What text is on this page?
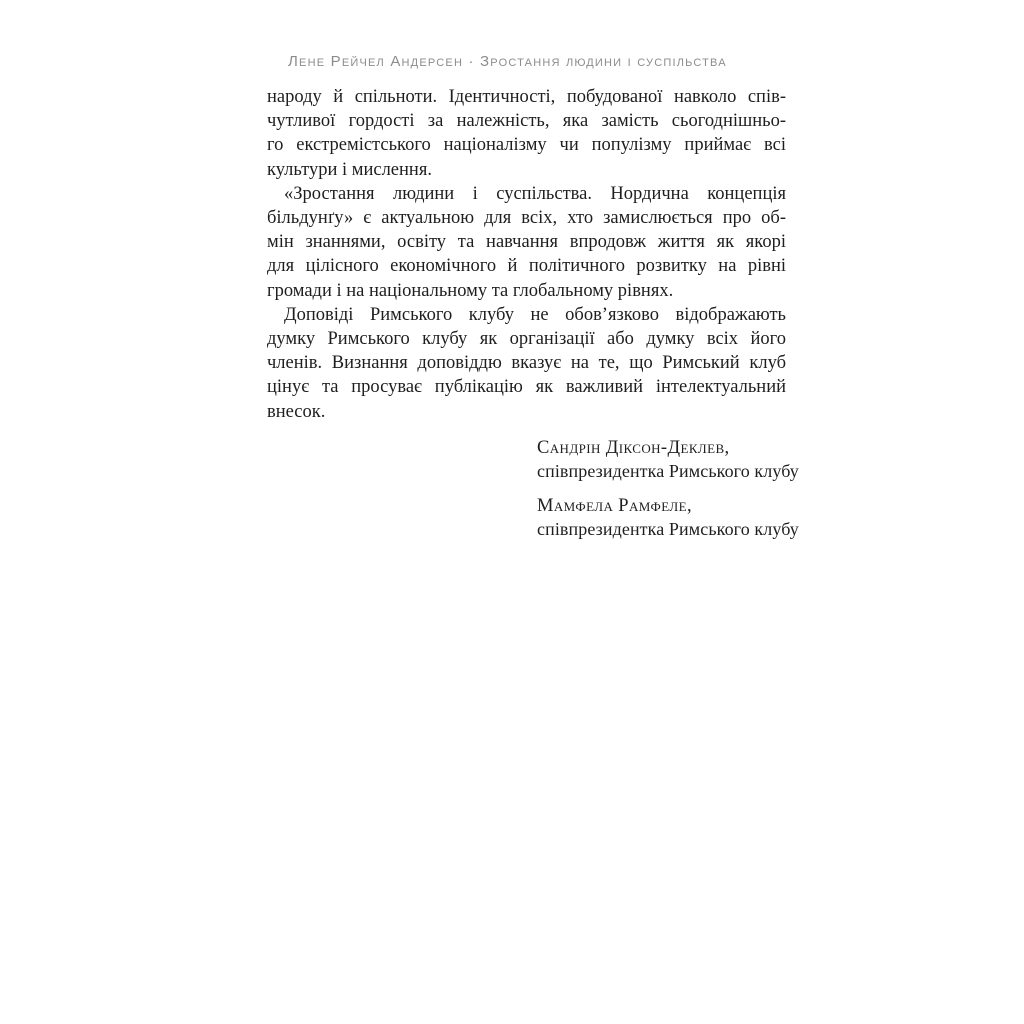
Лене Рейчел Андерсен · Зростання людини і суспільства
народу й спільноти. Ідентичності, побудованої навколо спів-
чутливої гордості за належність, яка замість сьогоднішньо-
го екстремістського націоналізму чи популізму приймає всі
культури і мислення.
«Зростання людини і суспільства. Нордична концепція
більдунґу» є актуальною для всіх, хто замислюється про об-
мін знаннями, освіту та навчання впродовж життя як якорі
для цілісного економічного й політичного розвитку на рівні
громади і на національному та глобальному рівнях.
Доповіді Римського клубу не обов’язково відображають
думку Римського клубу як організації або думку всіх його
членів. Визнання доповіддю вказує на те, що Римський клуб
цінує та просуває публікацію як важливий інтелектуальний
внесок.
Сандрін Діксон-Деклев,
співпрезидентка Римського клубу
Мамфела Рамфеле,
співпрезидентка Римського клубу
